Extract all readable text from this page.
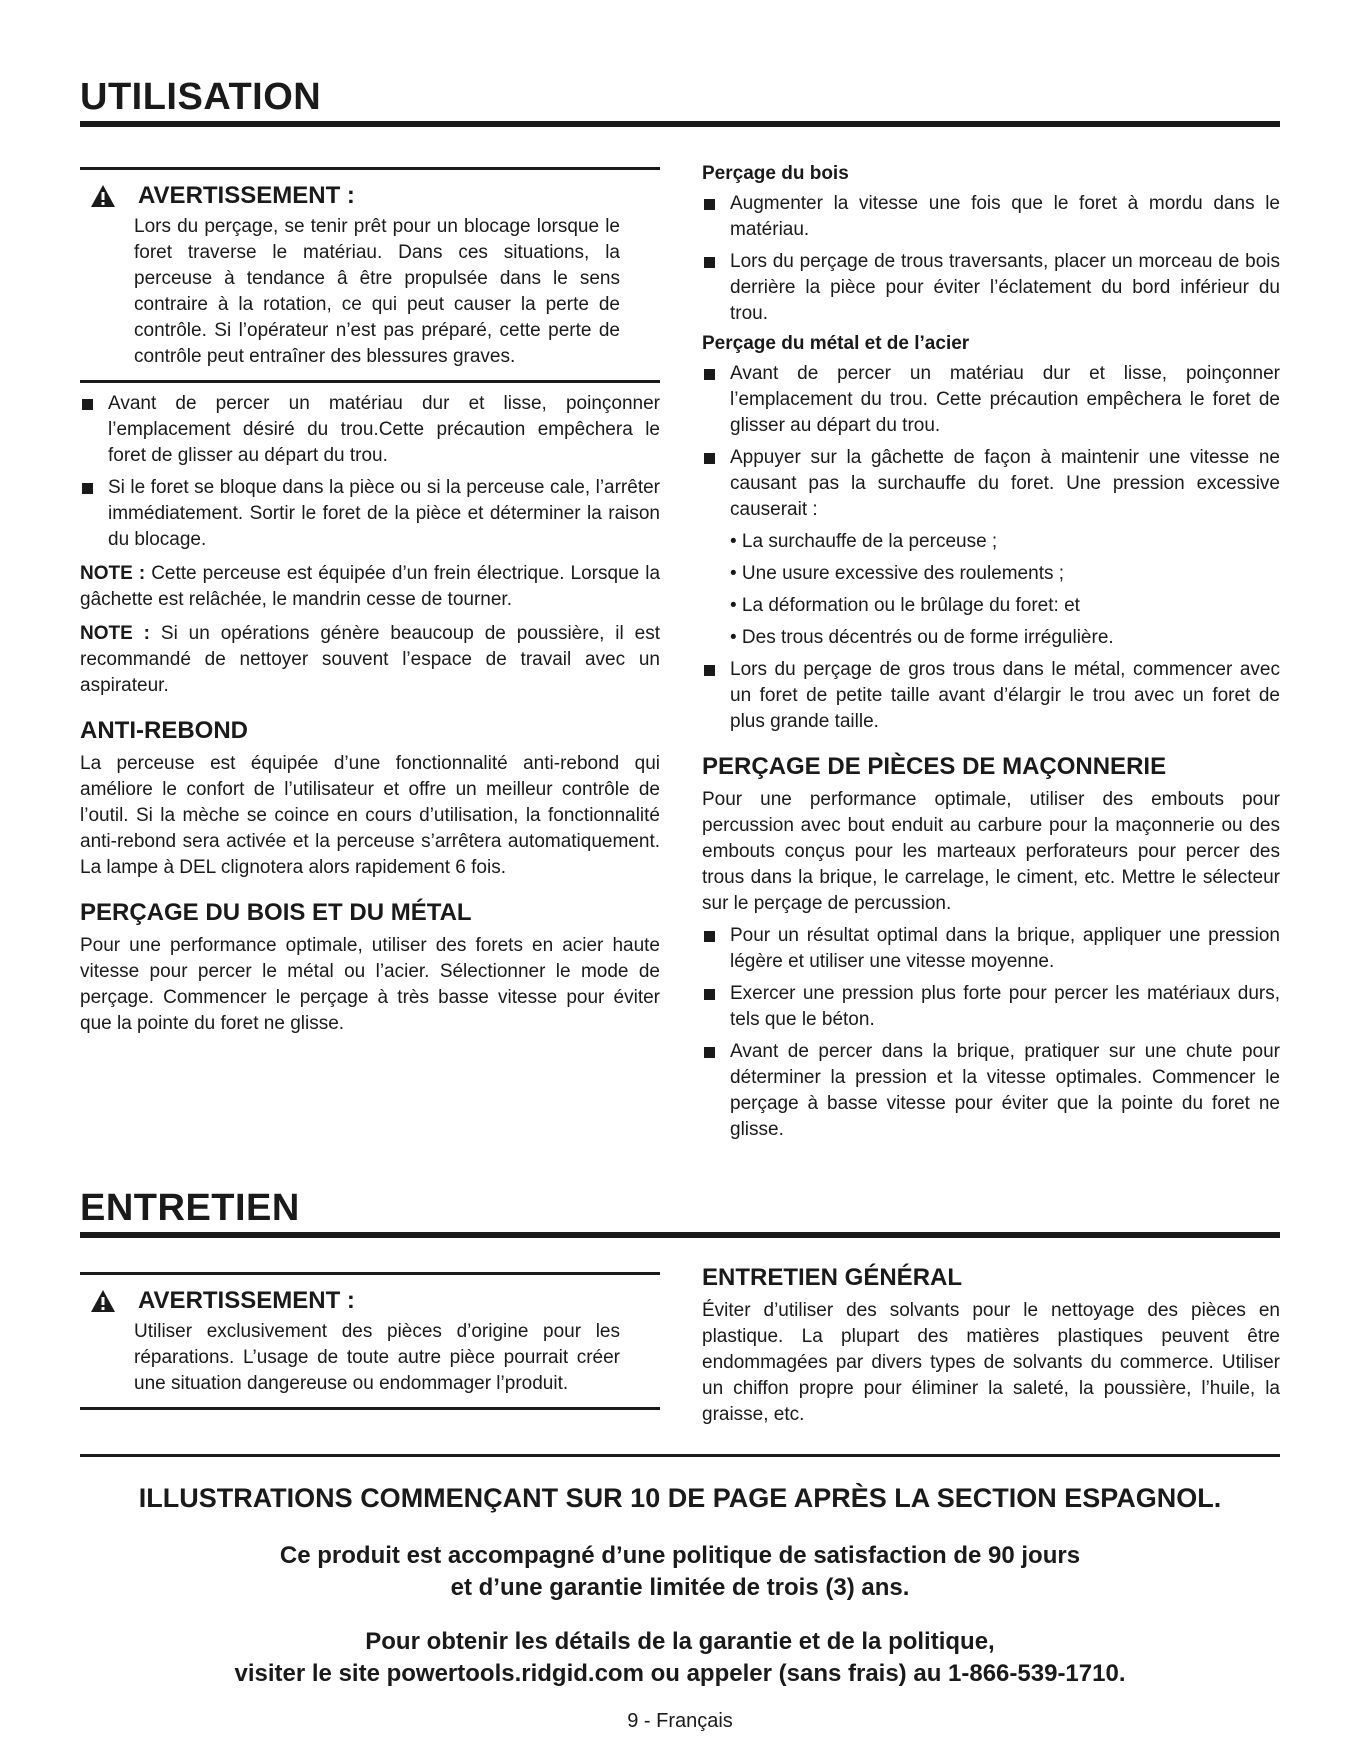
UTILISATION
AVERTISSEMENT :

Lors du perçage, se tenir prêt pour un blocage lorsque le foret traverse le matériau. Dans ces situations, la perceuse à tendance â être propulsée dans le sens contraire à la rotation, ce qui peut causer la perte de contrôle. Si l’opérateur n’est pas préparé, cette perte de contrôle peut entraîner des blessures graves.

Avant de percer un matériau dur et lisse, poinçonner l’emplacement désiré du trou.Cette précaution empêchera le foret de glisser au départ du trou.
Si le foret se bloque dans la pièce ou si la perceuse cale, l’arrêter immédiatement. Sortir le foret de la pièce et déterminer la raison du blocage.

NOTE : Cette perceuse est équipée d’un frein électrique. Lorsque la gâchette est relâchée, le mandrin cesse de tourner.

NOTE : Si un opérations génère beaucoup de poussière, il est recommandé de nettoyer souvent l’espace de travail avec un aspirateur.

ANTI-REBOND

La perceuse est équipée d’une fonctionnalité anti-rebond qui améliore le confort de l’utilisateur et offre un meilleur contrôle de l’outil. Si la mèche se coince en cours d’utilisation, la fonctionnalité anti-rebond sera activée et la perceuse s’arrêtera automatiquement. La lampe à DEL clignotera alors rapidement 6 fois.

PERÇAGE DU BOIS ET DU MÉTAL

Pour une performance optimale, utiliser des forets en acier haute vitesse pour percer le métal ou l’acier. Sélectionner le mode de perçage. Commencer le perçage à très basse vitesse pour éviter que la pointe du foret ne glisse.

Perçage du bois
Augmenter la vitesse une fois que le foret à mordu dans le matériau.
Lors du perçage de trous traversants, placer un morceau de bois derrière la pièce pour éviter l’éclatement du bord inférieur du trou.
Perçage du métal et de l’acier
Avant de percer un matériau dur et lisse, poinçonner l’emplacement du trou. Cette précaution empêchera le foret de glisser au départ du trou.
Appuyer sur la gâchette de façon à maintenir une vitesse ne causant pas la surchauffe du foret. Une pression excessive causerait :
• La surchauffe de la perceuse ;
• Une usure excessive des roulements ;
• La déformation ou le brûlage du foret: et
• Des trous décentrés ou de forme irrégulière.
Lors du perçage de gros trous dans le métal, commencer avec un foret de petite taille avant d’élargir le trou avec un foret de plus grande taille.
PERÇAGE DE PIÈCES DE MAÇONNERIE

Pour une performance optimale, utiliser des embouts pour percussion avec bout enduit au carbure pour la maçonnerie ou des embouts conçus pour les marteaux perforateurs pour percer des trous dans la brique, le carrelage, le ciment, etc. Mettre le sélecteur sur le perçage de percussion.

Pour un résultat optimal dans la brique, appliquer une pression légère et utiliser une vitesse moyenne.
Exercer une pression plus forte pour percer les matériaux durs, tels que le béton.
Avant de percer dans la brique, pratiquer sur une chute pour déterminer la pression et la vitesse optimales. Commencer le perçage à basse vitesse pour éviter que la pointe du foret ne glisse.
ENTRETIEN
AVERTISSEMENT :

Utiliser exclusivement des pièces d’origine pour les réparations. L’usage de toute autre pièce pourrait créer une situation dangereuse ou endommager l’produit.

ENTRETIEN GÉNÉRAL

Éviter d’utiliser des solvants pour le nettoyage des pièces en plastique. La plupart des matières plastiques peuvent être endommagées par divers types de solvants du commerce. Utiliser un chiffon propre pour éliminer la saleté, la poussière, l’huile, la graisse, etc.

ILLUSTRATIONS COMMENÇANT SUR 10 DE PAGE APRÈS LA SECTION ESPAGNOL.

Ce produit est accompagné d’une politique de satisfaction de 90 jours

et d’une garantie limitée de trois (3) ans.

Pour obtenir les détails de la garantie et de la politique,

visiter le site powertools.ridgid.com ou appeler (sans frais) au 1-866-539-1710.

9 - Français
